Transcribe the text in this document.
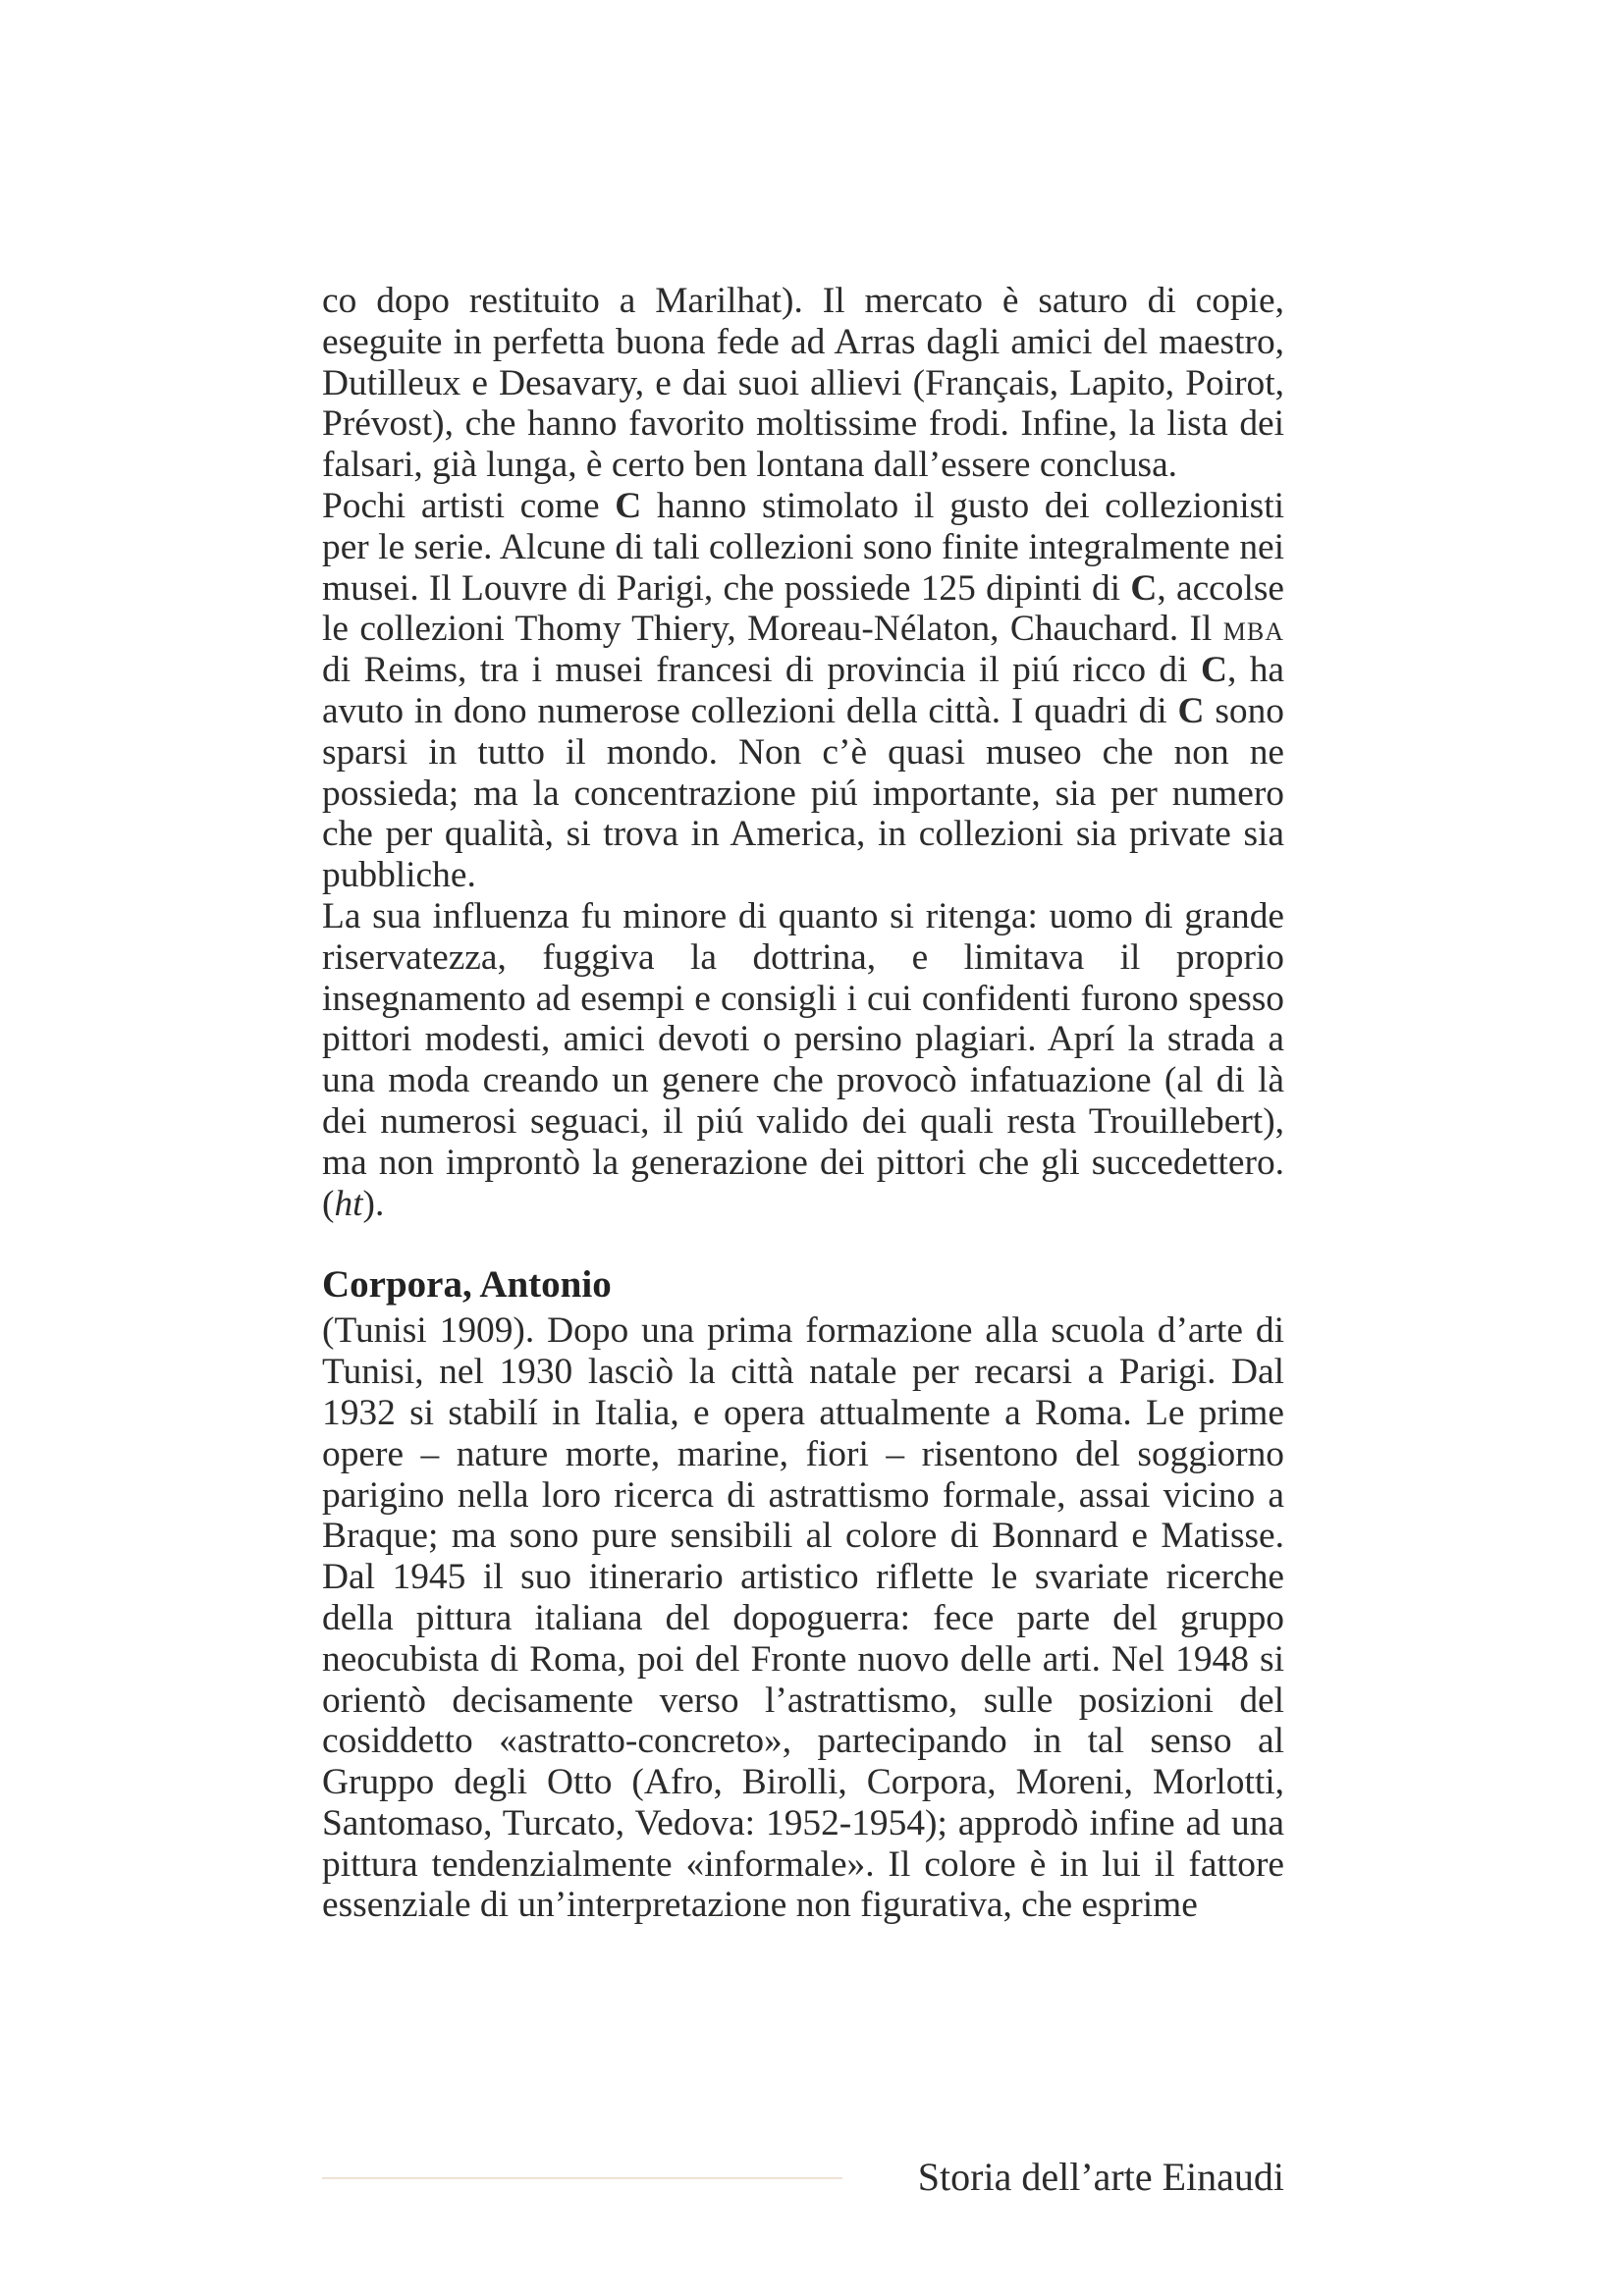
co dopo restituito a Marilhat). Il mercato è saturo di copie, eseguite in perfetta buona fede ad Arras dagli amici del maestro, Dutilleux e Desavary, e dai suoi allievi (Français, Lapito, Poirot, Prévost), che hanno favorito moltissime frodi. Infine, la lista dei falsari, già lunga, è certo ben lontana dall’essere conclusa.

Pochi artisti come C hanno stimolato il gusto dei collezionisti per le serie. Alcune di tali collezioni sono finite integralmente nei musei. Il Louvre di Parigi, che possiede 125 dipinti di C, accolse le collezioni Thomy Thiery, Moreau-Nélaton, Chauchard. Il mba di Reims, tra i musei francesi di provincia il piú ricco di C, ha avuto in dono numerose collezioni della città. I quadri di C sono sparsi in tutto il mondo. Non c’è quasi museo che non ne possieda; ma la concentrazione piú importante, sia per numero che per qualità, si trova in America, in collezioni sia private sia pubbliche.

La sua influenza fu minore di quanto si ritenga: uomo di grande riservatezza, fuggiva la dottrina, e limitava il proprio insegnamento ad esempi e consigli i cui confidenti furono spesso pittori modesti, amici devoti o persino plagiari. Aprí la strada a una moda creando un genere che provocò infatuazione (al di là dei numerosi seguaci, il piú valido dei quali resta Trouillebert), ma non improntò la generazione dei pittori che gli succedettero. (ht).

Corpora, Antonio

(Tunisi 1909). Dopo una prima formazione alla scuola d’arte di Tunisi, nel 1930 lasciò la città natale per recarsi a Parigi. Dal 1932 si stabilí in Italia, e opera attualmente a Roma. Le prime opere – nature morte, marine, fiori – risentono del soggiorno parigino nella loro ricerca di astrattismo formale, assai vicino a Braque; ma sono pure sensibili al colore di Bonnard e Matisse. Dal 1945 il suo itinerario artistico riflette le svariate ricerche della pittura italiana del dopoguerra: fece parte del gruppo neocubista di Roma, poi del Fronte nuovo delle arti. Nel 1948 si orientò decisamente verso l’astrattismo, sulle posizioni del cosiddetto «astratto-concreto», partecipando in tal senso al Gruppo degli Otto (Afro, Birolli, Corpora, Moreni, Morlotti, Santomaso, Turcato, Vedova: 1952-1954); approdò infine ad una pittura tendenzialmente «informale». Il colore è in lui il fattore essenziale di un’interpretazione non figurativa, che esprime

Storia dell’arte Einaudi
